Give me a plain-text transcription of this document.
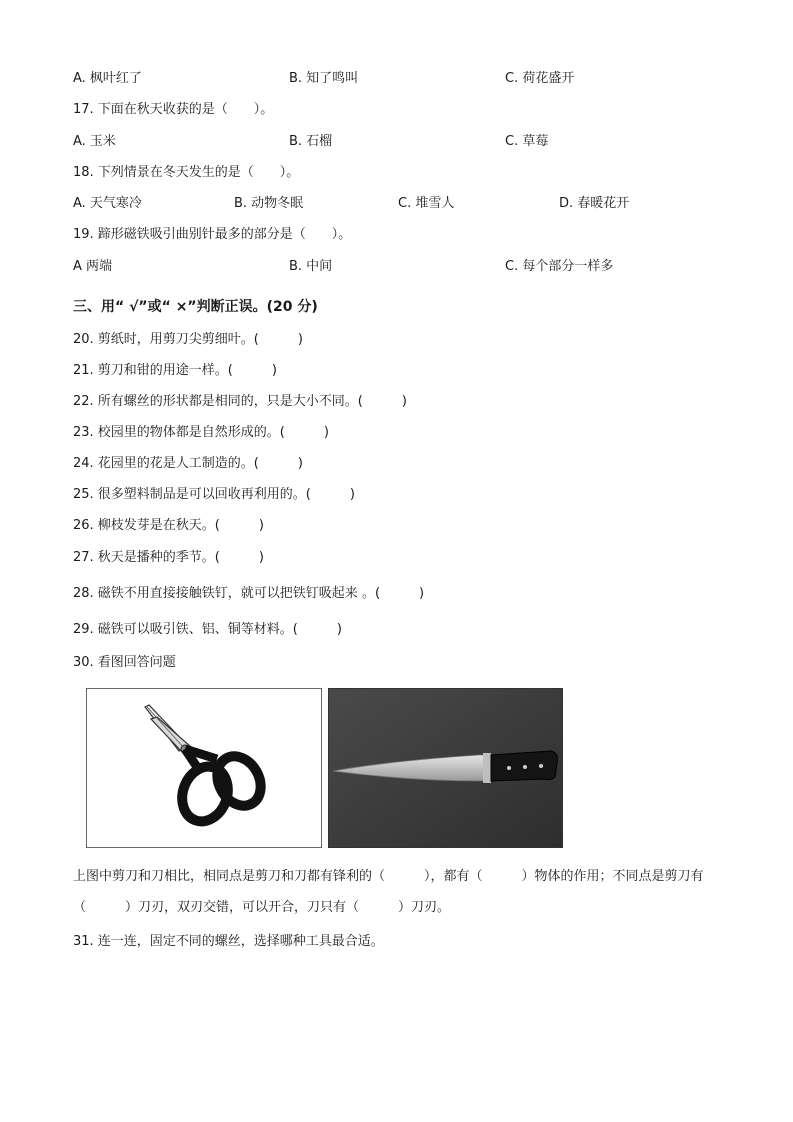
A. 枫叶红了	B. 知了鸣叫	C. 荷花盛开
17. 下面在秋天收获的是（　　）。
A. 玉米	B. 石榴	C. 草莓
18. 下列情景在冬天发生的是（　　）。
A. 天气寒冷	B. 动物冬眠	C. 堆雪人	D. 春暖花开
19. 蹄形磁铁吸引曲别针最多的部分是（　　）。
A 两端	B. 中间	C. 每个部分一样多
三、用“ √”或“ ×”判断正误。(20 分)
20. 剪纸时，用剪刀尖剪细叶。(　　　)
21. 剪刀和钳的用途一样。(　　　)
22. 所有螺丝的形状都是相同的，只是大小不同。(　　　)
23. 校园里的物体都是自然形成的。(　　　)
24. 花园里的花是人工制造的。(　　　)
25. 很多塑料制品是可以回收再利用的。(　　　)
26. 柳枝发芽是在秋天。(　　　)
27. 秋天是播种的季节。(　　　)
28. 磁铁不用直接接触铁钉，就可以把铁钉吸起来 。(　　　)
29. 磁铁可以吸引铁、铝、铜等材料。(　　　)
30. 看图回答问题
上图中剪刀和刀相比，相同点是剪刀和刀都有锋利的（　　　），都有（　　　）物体的作用；不同点是剪刀有（　　　）刀刃，双刃交错，可以开合，刀只有（　　　）刀刃。
31. 连一连，固定不同的螺丝，选择哪种工具最合适。
